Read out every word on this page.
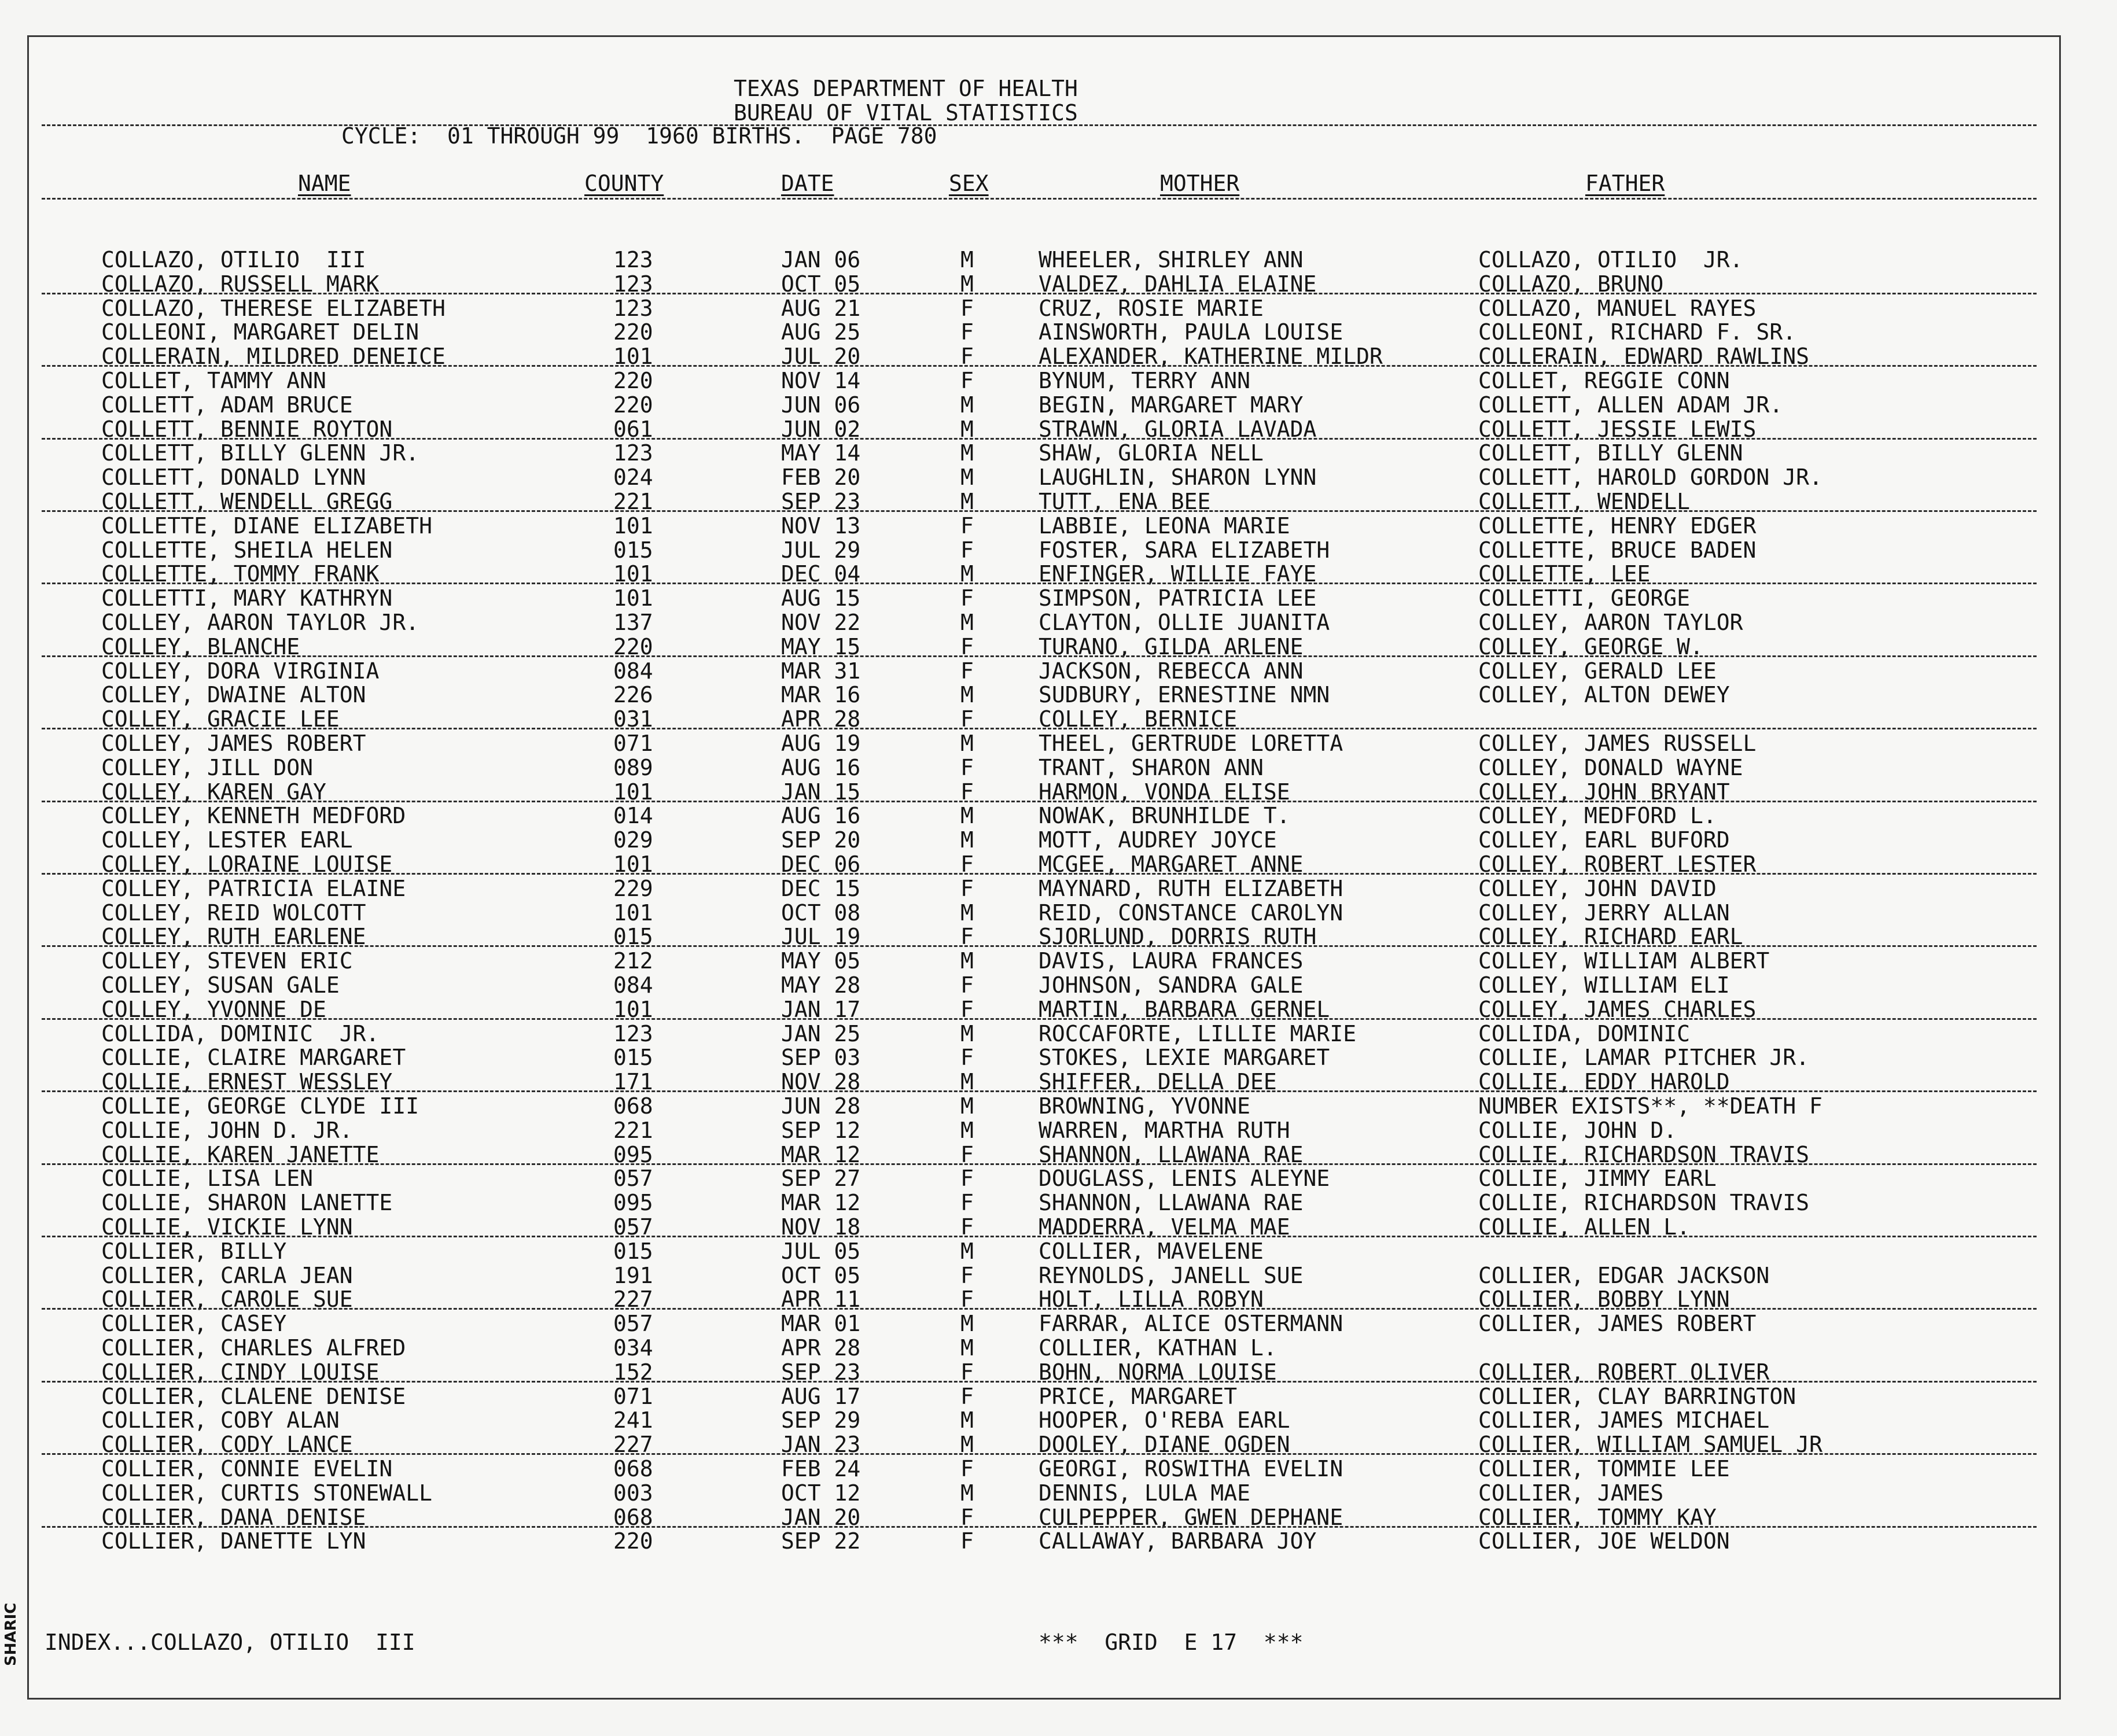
SHARIC
TEXAS DEPARTMENT OF HEALTH
BUREAU OF VITAL STATISTICS
CYCLE:  01 THROUGH 99  1960 BIRTHS.  PAGE 780
NAME	COUNTY	DATE	SEX	MOTHER	FATHER
COLLAZO, OTILIO  III	123	JAN 06	M	WHEELER, SHIRLEY ANN	COLLAZO, OTILIO  JR.
COLLAZO, RUSSELL MARK	123	OCT 05	M	VALDEZ, DAHLIA ELAINE	COLLAZO, BRUNO
COLLAZO, THERESE ELIZABETH	123	AUG 21	F	CRUZ, ROSIE MARIE	COLLAZO, MANUEL RAYES
COLLEONI, MARGARET DELIN	220	AUG 25	F	AINSWORTH, PAULA LOUISE	COLLEONI, RICHARD F. SR.
COLLERAIN, MILDRED DENEICE	101	JUL 20	F	ALEXANDER, KATHERINE MILDR	COLLERAIN, EDWARD RAWLINS
COLLET, TAMMY ANN	220	NOV 14	F	BYNUM, TERRY ANN	COLLET, REGGIE CONN
COLLETT, ADAM BRUCE	220	JUN 06	M	BEGIN, MARGARET MARY	COLLETT, ALLEN ADAM JR.
COLLETT, BENNIE ROYTON	061	JUN 02	M	STRAWN, GLORIA LAVADA	COLLETT, JESSIE LEWIS
COLLETT, BILLY GLENN JR.	123	MAY 14	M	SHAW, GLORIA NELL	COLLETT, BILLY GLENN
COLLETT, DONALD LYNN	024	FEB 20	M	LAUGHLIN, SHARON LYNN	COLLETT, HAROLD GORDON JR.
COLLETT, WENDELL GREGG	221	SEP 23	M	TUTT, ENA BEE	COLLETT, WENDELL
COLLETTE, DIANE ELIZABETH	101	NOV 13	F	LABBIE, LEONA MARIE	COLLETTE, HENRY EDGER
COLLETTE, SHEILA HELEN	015	JUL 29	F	FOSTER, SARA ELIZABETH	COLLETTE, BRUCE BADEN
COLLETTE, TOMMY FRANK	101	DEC 04	M	ENFINGER, WILLIE FAYE	COLLETTE, LEE
COLLETTI, MARY KATHRYN	101	AUG 15	F	SIMPSON, PATRICIA LEE	COLLETTI, GEORGE
COLLEY, AARON TAYLOR JR.	137	NOV 22	M	CLAYTON, OLLIE JUANITA	COLLEY, AARON TAYLOR
COLLEY, BLANCHE	220	MAY 15	F	TURANO, GILDA ARLENE	COLLEY, GEORGE W.
COLLEY, DORA VIRGINIA	084	MAR 31	F	JACKSON, REBECCA ANN	COLLEY, GERALD LEE
COLLEY, DWAINE ALTON	226	MAR 16	M	SUDBURY, ERNESTINE NMN	COLLEY, ALTON DEWEY
COLLEY, GRACIE LEE	031	APR 28	F	COLLEY, BERNICE
COLLEY, JAMES ROBERT	071	AUG 19	M	THEEL, GERTRUDE LORETTA	COLLEY, JAMES RUSSELL
COLLEY, JILL DON	089	AUG 16	F	TRANT, SHARON ANN	COLLEY, DONALD WAYNE
COLLEY, KAREN GAY	101	JAN 15	F	HARMON, VONDA ELISE	COLLEY, JOHN BRYANT
COLLEY, KENNETH MEDFORD	014	AUG 16	M	NOWAK, BRUNHILDE T.	COLLEY, MEDFORD L.
COLLEY, LESTER EARL	029	SEP 20	M	MOTT, AUDREY JOYCE	COLLEY, EARL BUFORD
COLLEY, LORAINE LOUISE	101	DEC 06	F	MCGEE, MARGARET ANNE	COLLEY, ROBERT LESTER
COLLEY, PATRICIA ELAINE	229	DEC 15	F	MAYNARD, RUTH ELIZABETH	COLLEY, JOHN DAVID
COLLEY, REID WOLCOTT	101	OCT 08	M	REID, CONSTANCE CAROLYN	COLLEY, JERRY ALLAN
COLLEY, RUTH EARLENE	015	JUL 19	F	SJORLUND, DORRIS RUTH	COLLEY, RICHARD EARL
COLLEY, STEVEN ERIC	212	MAY 05	M	DAVIS, LAURA FRANCES	COLLEY, WILLIAM ALBERT
COLLEY, SUSAN GALE	084	MAY 28	F	JOHNSON, SANDRA GALE	COLLEY, WILLIAM ELI
COLLEY, YVONNE DE	101	JAN 17	F	MARTIN, BARBARA GERNEL	COLLEY, JAMES CHARLES
COLLIDA, DOMINIC  JR.	123	JAN 25	M	ROCCAFORTE, LILLIE MARIE	COLLIDA, DOMINIC
COLLIE, CLAIRE MARGARET	015	SEP 03	F	STOKES, LEXIE MARGARET	COLLIE, LAMAR PITCHER JR.
COLLIE, ERNEST WESSLEY	171	NOV 28	M	SHIFFER, DELLA DEE	COLLIE, EDDY HAROLD
COLLIE, GEORGE CLYDE III	068	JUN 28	M	BROWNING, YVONNE	NUMBER EXISTS**, **DEATH F
COLLIE, JOHN D. JR.	221	SEP 12	M	WARREN, MARTHA RUTH	COLLIE, JOHN D.
COLLIE, KAREN JANETTE	095	MAR 12	F	SHANNON, LLAWANA RAE	COLLIE, RICHARDSON TRAVIS
COLLIE, LISA LEN	057	SEP 27	F	DOUGLASS, LENIS ALEYNE	COLLIE, JIMMY EARL
COLLIE, SHARON LANETTE	095	MAR 12	F	SHANNON, LLAWANA RAE	COLLIE, RICHARDSON TRAVIS
COLLIE, VICKIE LYNN	057	NOV 18	F	MADDERRA, VELMA MAE	COLLIE, ALLEN L.
COLLIER, BILLY	015	JUL 05	M	COLLIER, MAVELENE
COLLIER, CARLA JEAN	191	OCT 05	F	REYNOLDS, JANELL SUE	COLLIER, EDGAR JACKSON
COLLIER, CAROLE SUE	227	APR 11	F	HOLT, LILLA ROBYN	COLLIER, BOBBY LYNN
COLLIER, CASEY	057	MAR 01	M	FARRAR, ALICE OSTERMANN	COLLIER, JAMES ROBERT
COLLIER, CHARLES ALFRED	034	APR 28	M	COLLIER, KATHAN L.
COLLIER, CINDY LOUISE	152	SEP 23	F	BOHN, NORMA LOUISE	COLLIER, ROBERT OLIVER
COLLIER, CLALENE DENISE	071	AUG 17	F	PRICE, MARGARET	COLLIER, CLAY BARRINGTON
COLLIER, COBY ALAN	241	SEP 29	M	HOOPER, O'REBA EARL	COLLIER, JAMES MICHAEL
COLLIER, CODY LANCE	227	JAN 23	M	DOOLEY, DIANE OGDEN	COLLIER, WILLIAM SAMUEL JR
COLLIER, CONNIE EVELIN	068	FEB 24	F	GEORGI, ROSWITHA EVELIN	COLLIER, TOMMIE LEE
COLLIER, CURTIS STONEWALL	003	OCT 12	M	DENNIS, LULA MAE	COLLIER, JAMES
COLLIER, DANA DENISE	068	JAN 20	F	CULPEPPER, GWEN DEPHANE	COLLIER, TOMMY KAY
COLLIER, DANETTE LYN	220	SEP 22	F	CALLAWAY, BARBARA JOY	COLLIER, JOE WELDON
INDEX...COLLAZO, OTILIO  III	***  GRID  E 17  ***
